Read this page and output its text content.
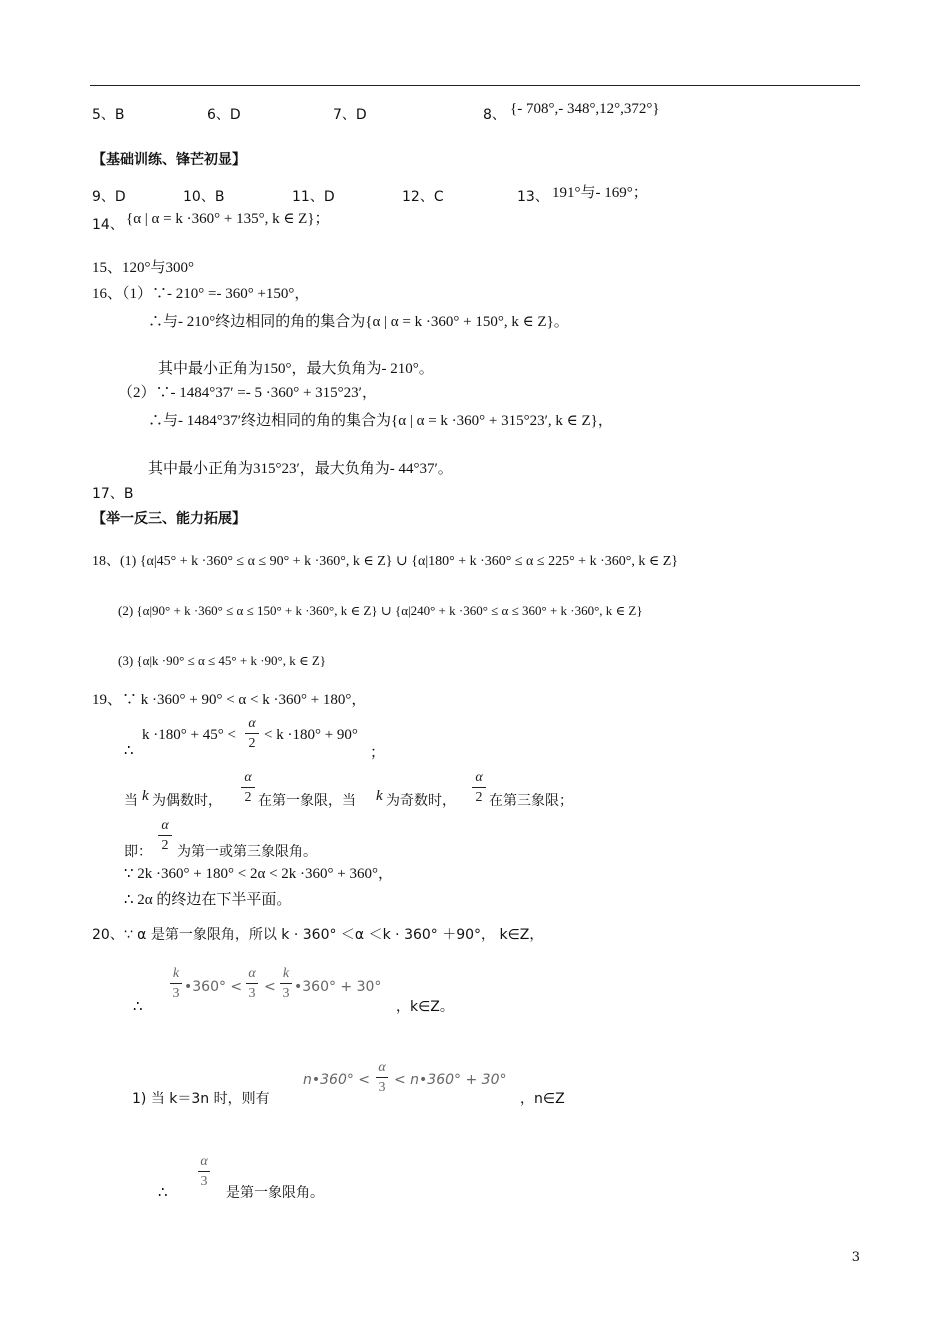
5、B	6、D	7、D	8、 {- 708°,- 348°,12°,372°}
【基础训练、锋芒初显】
9、D	10、B	11、D	12、C	13、 191°与- 169°；
14、 {α | α = k ·360° + 135°, k ∈ Z}；
15、120°与300°
16、（1）∵- 210° =- 360° +150°，
∴与- 210°终边相同的角的集合为{α | α = k ·360° + 150°, k ∈ Z}。
其中最小正角为150°，最大负角为- 210°。
（2）∵- 1484°37′ =- 5 ·360° + 315°23′，
∴与- 1484°37′终边相同的角的集合为{α | α = k ·360° + 315°23′, k ∈ Z}，
其中最小正角为315°23′，最大负角为- 44°37′。
17、B
【举一反三、能力拓展】
18、(1) {α|45° + k ·360° ≤ α ≤ 90° + k ·360°, k ∈ Z} ∪ {α|180° + k ·360° ≤ α ≤ 225° + k ·360°, k ∈ Z}
(2) {α|90° + k ·360° ≤ α ≤ 150° + k ·360°, k ∈ Z} ∪ {α|240° + k ·360° ≤ α ≤ 360° + k ·360°, k ∈ Z}
(3) {α|k ·90° ≤ α ≤ 45° + k ·90°, k ∈ Z}
19、∵ k ·360° + 90° < α < k ·360° + 180°，
∴
k ·180° + 45° <
α
2
< k ·180° + 90°
；
当 k 为偶数时，
α
2 在第一象限，当 k 为奇数时，
α
2 在第三象限；
即：
α
2 为第一或第三象限角。
∵ 2k ·360° + 180° < 2α < 2k ·360° + 360°，
∴ 2α 的终边在下半平面。
20、∵ α 是第一象限角，所以 k · 360° ＜α ＜k · 360° ＋90°， k∈Z，
∴
k
3 •360° <
α
3 <
k
3 •360° + 30°
，k∈Z。
1) 当 k＝3n 时，则有
n•360° <
α
3 < n•360° + 30°
，n∈Z
∴
α
3
是第一象限角。
3
